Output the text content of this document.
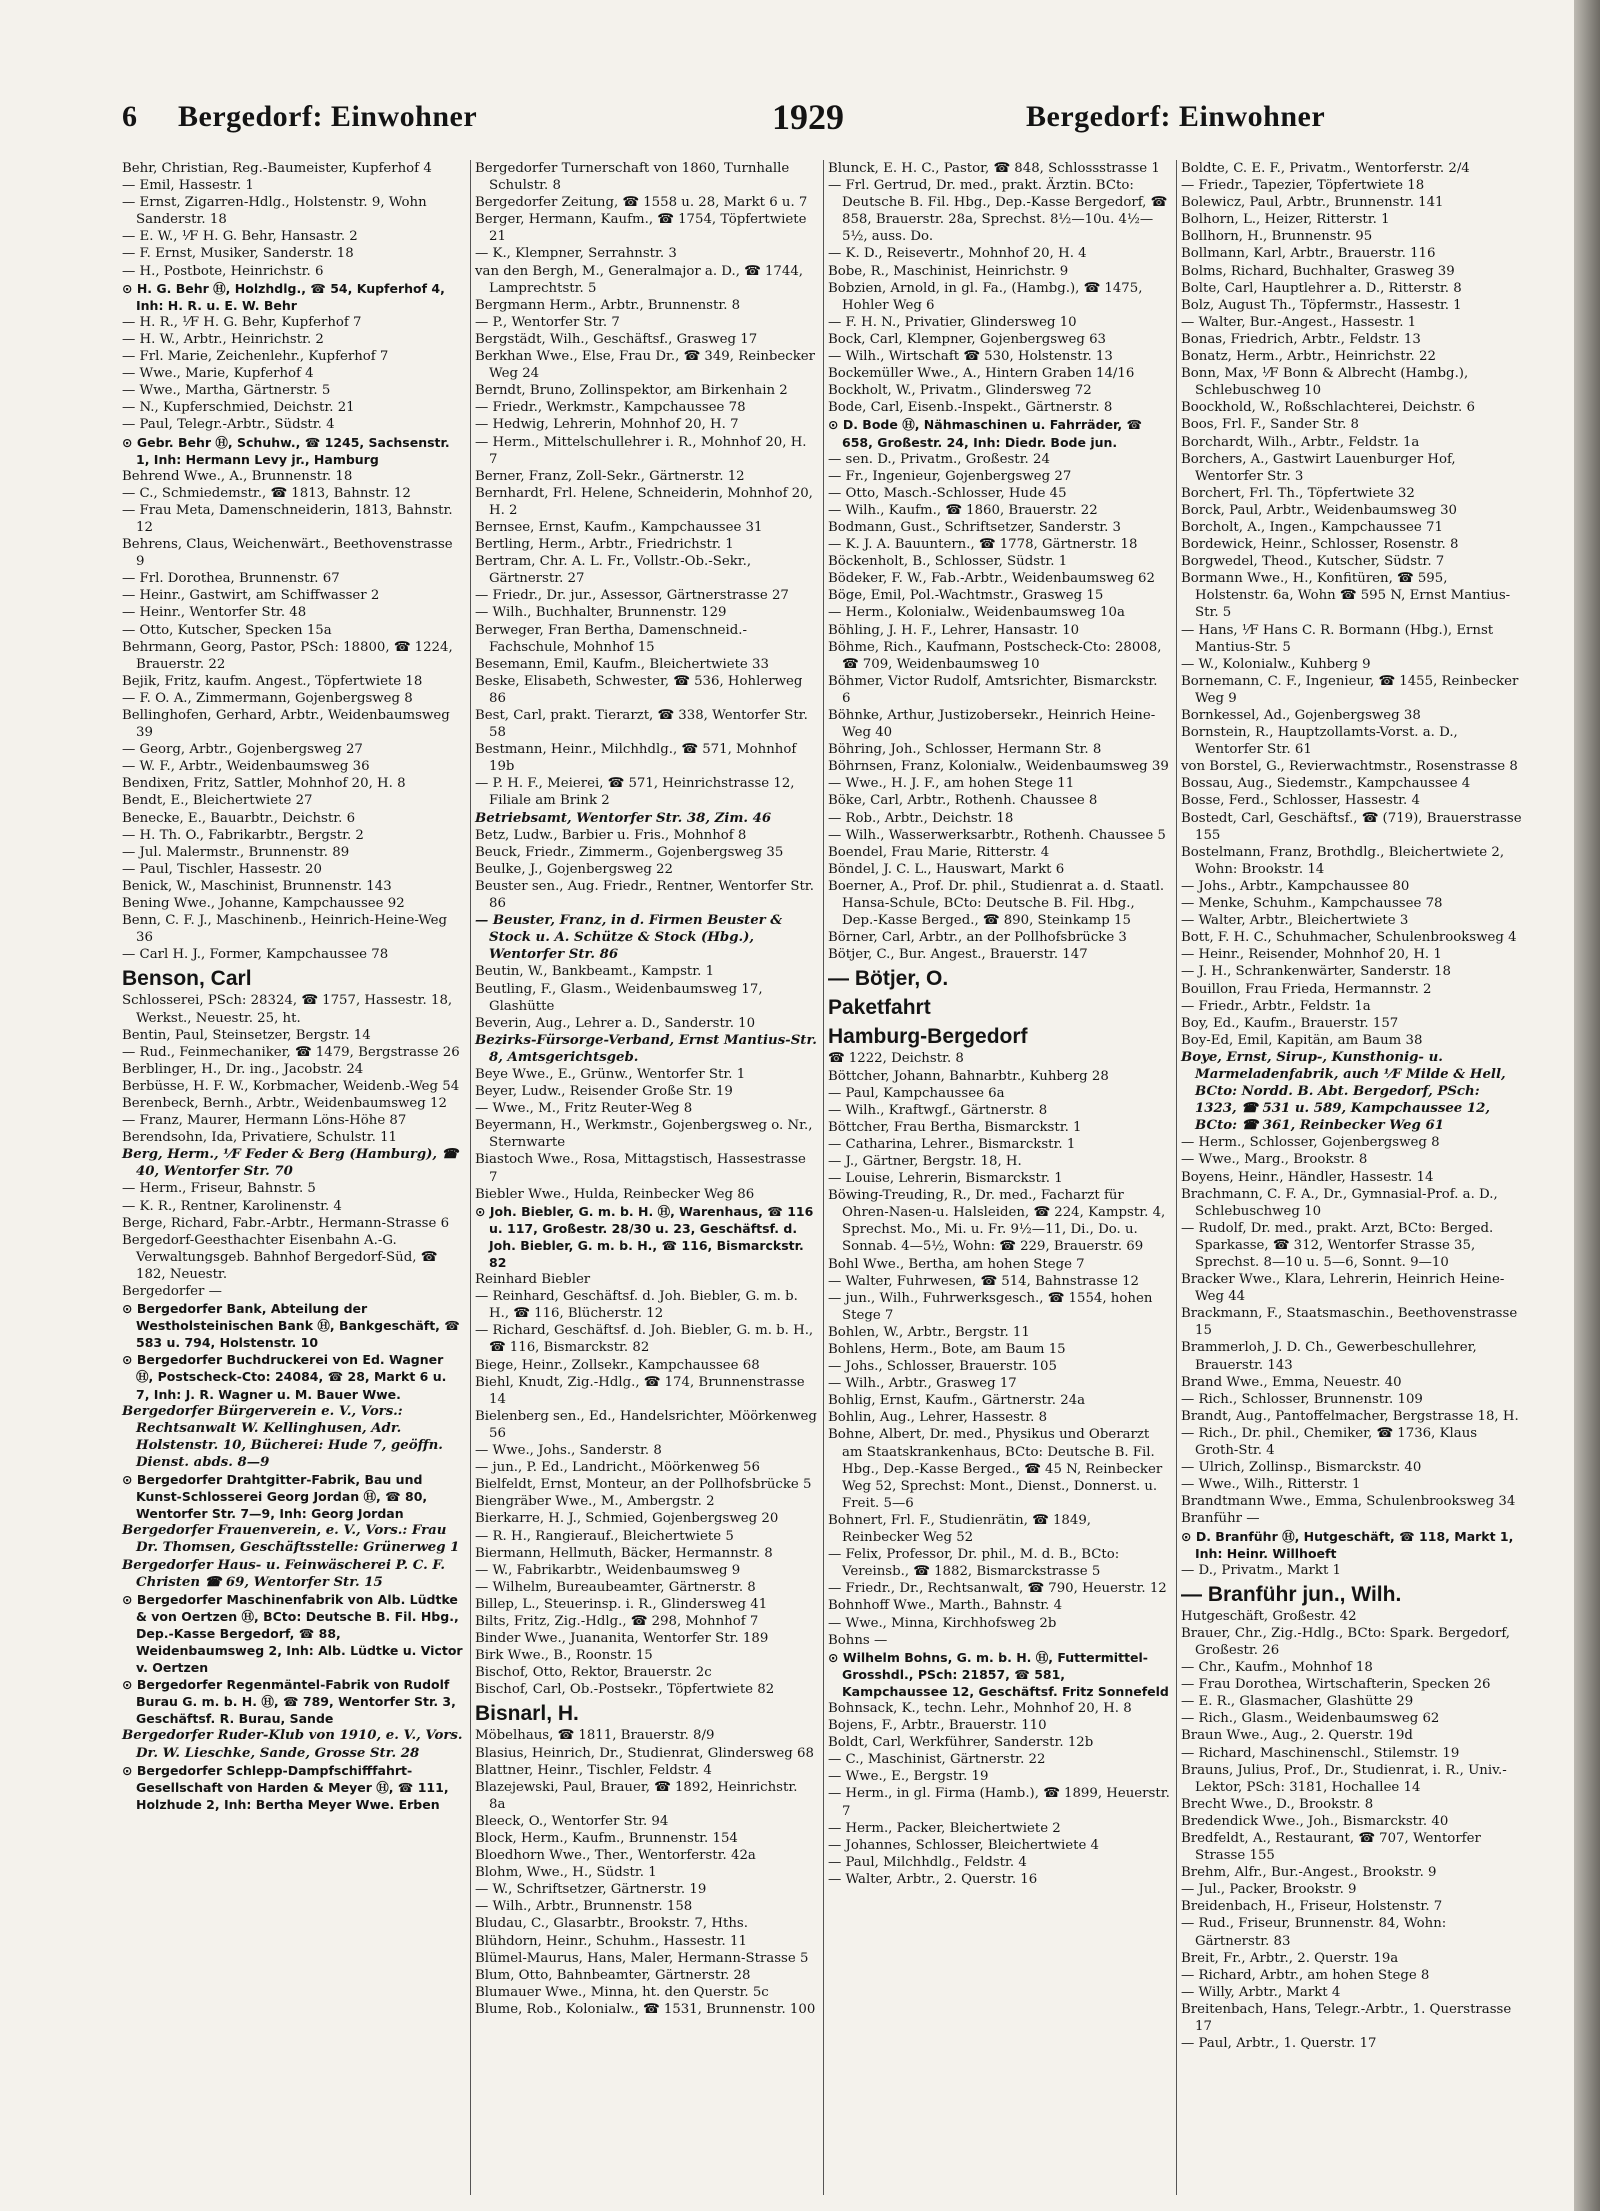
6 Bergedorf: Einwohner	1929	Bergedorf: Einwohner

Behr, Christian, Reg.-Baumeister, Kupferhof 4

— Emil, Hassestr. 1

— Ernst, Zigarren-Hdlg., Holstenstr. 9, Wohn Sanderstr. 18

— E. W., ⅟F H. G. Behr, Hansastr. 2

— F. Ernst, Musiker, Sanderstr. 18

— H., Postbote, Heinrichstr. 6

⊙ H. G. Behr Ⓗ, Holzhdlg., ☎ 54, Kupferhof 4, Inh: H. R. u. E. W. Behr

— H. R., ⅟F H. G. Behr, Kupferhof 7

— H. W., Arbtr., Heinrichstr. 2

— Frl. Marie, Zeichenlehr., Kupferhof 7

— Wwe., Marie, Kupferhof 4

— Wwe., Martha, Gärtnerstr. 5

— N., Kupferschmied, Deichstr. 21

— Paul, Telegr.-Arbtr., Südstr. 4

⊙ Gebr. Behr Ⓗ, Schuhw., ☎ 1245, Sachsenstr. 1, Inh: Hermann Levy jr., Hamburg

Behrend Wwe., A., Brunnenstr. 18

— C., Schmiedemstr., ☎ 1813, Bahnstr. 12

— Frau Meta, Damenschneiderin, 1813, Bahnstr. 12

Behrens, Claus, Weichenwärt., Beethovenstrasse 9

— Frl. Dorothea, Brunnenstr. 67

— Heinr., Gastwirt, am Schiffwasser 2

— Heinr., Wentorfer Str. 48

— Otto, Kutscher, Specken 15a

Behrmann, Georg, Pastor, PSch: 18800, ☎ 1224, Brauerstr. 22

Bejik, Fritz, kaufm. Angest., Töpfertwiete 18

— F. O. A., Zimmermann, Gojenbergsweg 8

Bellinghofen, Gerhard, Arbtr., Weidenbaumsweg 39

— Georg, Arbtr., Gojenbergsweg 27

— W. F., Arbtr., Weidenbaumsweg 36

Bendixen, Fritz, Sattler, Mohnhof 20, H. 8

Bendt, E., Bleichertwiete 27

Benecke, E., Bauarbtr., Deichstr. 6

— H. Th. O., Fabrikarbtr., Bergstr. 2

— Jul. Malermstr., Brunnenstr. 89

— Paul, Tischler, Hassestr. 20

Benick, W., Maschinist, Brunnenstr. 143

Bening Wwe., Johanne, Kampchaussee 92

Benn, C. F. J., Maschinenb., Heinrich-Heine-Weg 36

— Carl H. J., Former, Kampchaussee 78

Benson, Carl

Schlosserei, PSch: 28324, ☎ 1757, Hassestr. 18, Werkst., Neuestr. 25, ht.

Bentin, Paul, Steinsetzer, Bergstr. 14

— Rud., Feinmechaniker, ☎ 1479, Bergstrasse 26

Berblinger, H., Dr. ing., Jacobstr. 24

Berbüsse, H. F. W., Korbmacher, Weidenb.-Weg 54

Berenbeck, Bernh., Arbtr., Weidenbaumsweg 12

— Franz, Maurer, Hermann Löns-Höhe 87

Berendsohn, Ida, Privatiere, Schulstr. 11

Berg, Herm., ⅟F Feder & Berg (Hamburg), ☎ 40, Wentorfer Str. 70

— Herm., Friseur, Bahnstr. 5

— K. R., Rentner, Karolinenstr. 4

Berge, Richard, Fabr.-Arbtr., Hermann-Strasse 6

Bergedorf-Geesthachter Eisenbahn A.-G. Verwaltungsgeb. Bahnhof Bergedorf-Süd, ☎ 182, Neuestr.

Bergedorfer —

⊙ Bergedorfer Bank, Abteilung der Westholsteinischen Bank Ⓗ, Bankgeschäft, ☎ 583 u. 794, Holstenstr. 10

⊙ Bergedorfer Buchdruckerei von Ed. Wagner Ⓗ, Postscheck-Cto: 24084, ☎ 28, Markt 6 u. 7, Inh: J. R. Wagner u. M. Bauer Wwe.

Bergedorfer Bürgerverein e. V., Vors.: Rechtsanwalt W. Kellinghusen, Adr. Holstenstr. 10, Bücherei: Hude 7, geöffn. Dienst. abds. 8—9

⊙ Bergedorfer Drahtgitter-Fabrik, Bau und Kunst-Schlosserei Georg Jordan Ⓗ, ☎ 80, Wentorfer Str. 7—9, Inh: Georg Jordan

Bergedorfer Frauenverein, e. V., Vors.: Frau Dr. Thomsen, Geschäftsstelle: Grünerweg 1

Bergedorfer Haus- u. Feinwäscherei P. C. F. Christen ☎ 69, Wentorfer Str. 15

⊙ Bergedorfer Maschinenfabrik von Alb. Lüdtke & von Oertzen Ⓗ, BCto: Deutsche B. Fil. Hbg., Dep.-Kasse Bergedorf, ☎ 88, Weidenbaumsweg 2, Inh: Alb. Lüdtke u. Victor v. Oertzen

⊙ Bergedorfer Regenmäntel-Fabrik von Rudolf Burau G. m. b. H. Ⓗ, ☎ 789, Wentorfer Str. 3, Geschäftsf. R. Burau, Sande

Bergedorfer Ruder-Klub von 1910, e. V., Vors. Dr. W. Lieschke, Sande, Grosse Str. 28

⊙ Bergedorfer Schlepp-Dampfschifffahrt-Gesellschaft von Harden & Meyer Ⓗ, ☎ 111, Holzhude 2, Inh: Bertha Meyer Wwe. Erben

Bergedorfer Turnerschaft von 1860, Turnhalle Schulstr. 8

Bergedorfer Zeitung, ☎ 1558 u. 28, Markt 6 u. 7

Berger, Hermann, Kaufm., ☎ 1754, Töpfertwiete 21

— K., Klempner, Serrahnstr. 3

van den Bergh, M., Generalmajor a. D., ☎ 1744, Lamprechtstr. 5

Bergmann Herm., Arbtr., Brunnenstr. 8

— P., Wentorfer Str. 7

Bergstädt, Wilh., Geschäftsf., Grasweg 17

Berkhan Wwe., Else, Frau Dr., ☎ 349, Reinbecker Weg 24

Berndt, Bruno, Zollinspektor, am Birkenhain 2

— Friedr., Werkmstr., Kampchaussee 78

— Hedwig, Lehrerin, Mohnhof 20, H. 7

— Herm., Mittelschullehrer i. R., Mohnhof 20, H. 7

Berner, Franz, Zoll-Sekr., Gärtnerstr. 12

Bernhardt, Frl. Helene, Schneiderin, Mohnhof 20, H. 2

Bernsee, Ernst, Kaufm., Kampchaussee 31

Bertling, Herm., Arbtr., Friedrichstr. 1

Bertram, Chr. A. L. Fr., Vollstr.-Ob.-Sekr., Gärtnerstr. 27

— Friedr., Dr. jur., Assessor, Gärtnerstrasse 27

— Wilh., Buchhalter, Brunnenstr. 129

Berweger, Fran Bertha, Damenschneid.-Fachschule, Mohnhof 15

Besemann, Emil, Kaufm., Bleichertwiete 33

Beske, Elisabeth, Schwester, ☎ 536, Hohlerweg 86

Best, Carl, prakt. Tierarzt, ☎ 338, Wentorfer Str. 58

Bestmann, Heinr., Milchhdlg., ☎ 571, Mohnhof 19b

— P. H. F., Meierei, ☎ 571, Heinrichstrasse 12, Filiale am Brink 2

Betriebsamt, Wentorfer Str. 38, Zim. 46

Betz, Ludw., Barbier u. Fris., Mohnhof 8

Beuck, Friedr., Zimmerm., Gojenbergsweg 35

Beulke, J., Gojenbergsweg 22

Beuster sen., Aug. Friedr., Rentner, Wentorfer Str. 86

— Beuster, Franz, in d. Firmen Beuster & Stock u. A. Schütze & Stock (Hbg.), Wentorfer Str. 86

Beutin, W., Bankbeamt., Kampstr. 1

Beutling, F., Glasm., Weidenbaumsweg 17, Glashütte

Beverin, Aug., Lehrer a. D., Sanderstr. 10

Bezirks-Fürsorge-Verband, Ernst Mantius-Str. 8, Amtsgerichtsgeb.

Beye Wwe., E., Grünw., Wentorfer Str. 1

Beyer, Ludw., Reisender Große Str. 19

— Wwe., M., Fritz Reuter-Weg 8

Beyermann, H., Werkmstr., Gojenbergsweg o. Nr., Sternwarte

Biastoch Wwe., Rosa, Mittagstisch, Hassestrasse 7

Biebler Wwe., Hulda, Reinbecker Weg 86

⊙ Joh. Biebler, G. m. b. H. Ⓗ, Warenhaus, ☎ 116 u. 117, Großestr. 28/30 u. 23, Geschäftsf. d. Joh. Biebler, G. m. b. H., ☎ 116, Bismarckstr. 82

Reinhard Biebler

— Reinhard, Geschäftsf. d. Joh. Biebler, G. m. b. H., ☎ 116, Blücherstr. 12

— Richard, Geschäftsf. d. Joh. Biebler, G. m. b. H., ☎ 116, Bismarckstr. 82

Biege, Heinr., Zollsekr., Kampchaussee 68

Biehl, Knudt, Zig.-Hdlg., ☎ 174, Brunnenstrasse 14

Bielenberg sen., Ed., Handelsrichter, Möörkenweg 56

— Wwe., Johs., Sanderstr. 8

— jun., P. Ed., Landricht., Möörkenweg 56

Bielfeldt, Ernst, Monteur, an der Pollhofsbrücke 5

Biengräber Wwe., M., Ambergstr. 2

Bierkarre, H. J., Schmied, Gojenbergsweg 20

— R. H., Rangierauf., Bleichertwiete 5

Biermann, Hellmuth, Bäcker, Hermannstr. 8

— W., Fabrikarbtr., Weidenbaumsweg 9

— Wilhelm, Bureaubeamter, Gärtnerstr. 8

Billep, L., Steuerinsp. i. R., Glindersweg 41

Bilts, Fritz, Zig.-Hdlg., ☎ 298, Mohnhof 7

Binder Wwe., Juananita, Wentorfer Str. 189

Birk Wwe., B., Roonstr. 15

Bischof, Otto, Rektor, Brauerstr. 2c

Bischof, Carl, Ob.-Postsekr., Töpfertwiete 82

Bisnarl, H.

Möbelhaus, ☎ 1811, Brauerstr. 8/9

Blasius, Heinrich, Dr., Studienrat, Glindersweg 68

Blattner, Heinr., Tischler, Feldstr. 4

Blazejewski, Paul, Brauer, ☎ 1892, Heinrichstr. 8a

Bleeck, O., Wentorfer Str. 94

Block, Herm., Kaufm., Brunnenstr. 154

Bloedhorn Wwe., Ther., Wentorferstr. 42a

Blohm, Wwe., H., Südstr. 1

— W., Schriftsetzer, Gärtnerstr. 19

— Wilh., Arbtr., Brunnenstr. 158

Bludau, C., Glasarbtr., Brookstr. 7, Hths.

Blühdorn, Heinr., Schuhm., Hassestr. 11

Blümel-Maurus, Hans, Maler, Hermann-Strasse 5

Blum, Otto, Bahnbeamter, Gärtnerstr. 28

Blumauer Wwe., Minna, ht. den Querstr. 5c

Blume, Rob., Kolonialw., ☎ 1531, Brunnenstr. 100

Blunck, E. H. C., Pastor, ☎ 848, Schlossstrasse 1

— Frl. Gertrud, Dr. med., prakt. Ärztin. BCto: Deutsche B. Fil. Hbg., Dep.-Kasse Bergedorf, ☎ 858, Brauerstr. 28a, Sprechst. 8½—10u. 4½—5½, auss. Do.

— K. D., Reisevertr., Mohnhof 20, H. 4

Bobe, R., Maschinist, Heinrichstr. 9

Bobzien, Arnold, in gl. Fa., (Hambg.), ☎ 1475, Hohler Weg 6

— F. H. N., Privatier, Glindersweg 10

Bock, Carl, Klempner, Gojenbergsweg 63

— Wilh., Wirtschaft ☎ 530, Holstenstr. 13

Bockemüller Wwe., A., Hintern Graben 14/16

Bockholt, W., Privatm., Glindersweg 72

Bode, Carl, Eisenb.-Inspekt., Gärtnerstr. 8

⊙ D. Bode Ⓗ, Nähmaschinen u. Fahrräder, ☎ 658, Großestr. 24, Inh: Diedr. Bode jun.

— sen. D., Privatm., Großestr. 24

— Fr., Ingenieur, Gojenbergsweg 27

— Otto, Masch.-Schlosser, Hude 45

— Wilh., Kaufm., ☎ 1860, Brauerstr. 22

Bodmann, Gust., Schriftsetzer, Sanderstr. 3

— K. J. A. Bauuntern., ☎ 1778, Gärtnerstr. 18

Böckenholt, B., Schlosser, Südstr. 1

Bödeker, F. W., Fab.-Arbtr., Weidenbaumsweg 62

Böge, Emil, Pol.-Wachtmstr., Grasweg 15

— Herm., Kolonialw., Weidenbaumsweg 10a

Böhling, J. H. F., Lehrer, Hansastr. 10

Böhme, Rich., Kaufmann, Postscheck-Cto: 28008, ☎ 709, Weidenbaumsweg 10

Böhmer, Victor Rudolf, Amtsrichter, Bismarckstr. 6

Böhnke, Arthur, Justizobersekr., Heinrich Heine-Weg 40

Böhring, Joh., Schlosser, Hermann Str. 8

Böhrnsen, Franz, Kolonialw., Weidenbaumsweg 39

— Wwe., H. J. F., am hohen Stege 11

Böke, Carl, Arbtr., Rothenh. Chaussee 8

— Rob., Arbtr., Deichstr. 18

— Wilh., Wasserwerksarbtr., Rothenh. Chaussee 5

Boendel, Frau Marie, Ritterstr. 4

Böndel, J. C. L., Hauswart, Markt 6

Boerner, A., Prof. Dr. phil., Studienrat a. d. Staatl. Hansa-Schule, BCto: Deutsche B. Fil. Hbg., Dep.-Kasse Berged., ☎ 890, Steinkamp 15

Börner, Carl, Arbtr., an der Pollhofsbrücke 3

Bötjer, C., Bur. Angest., Brauerstr. 147

— Bötjer, O.

Paketfahrt

Hamburg-Bergedorf

☎ 1222, Deichstr. 8

Böttcher, Johann, Bahnarbtr., Kuhberg 28

— Paul, Kampchaussee 6a

— Wilh., Kraftwgf., Gärtnerstr. 8

Böttcher, Frau Bertha, Bismarckstr. 1

— Catharina, Lehrer., Bismarckstr. 1

— J., Gärtner, Bergstr. 18, H.

— Louise, Lehrerin, Bismarckstr. 1

Böwing-Treuding, R., Dr. med., Facharzt für Ohren-Nasen-u. Halsleiden, ☎ 224, Kampstr. 4, Sprechst. Mo., Mi. u. Fr. 9½—11, Di., Do. u. Sonnab. 4—5½, Wohn: ☎ 229, Brauerstr. 69

Bohl Wwe., Bertha, am hohen Stege 7

— Walter, Fuhrwesen, ☎ 514, Bahnstrasse 12

— jun., Wilh., Fuhrwerksgesch., ☎ 1554, hohen Stege 7

Bohlen, W., Arbtr., Bergstr. 11

Bohlens, Herm., Bote, am Baum 15

— Johs., Schlosser, Brauerstr. 105

— Wilh., Arbtr., Grasweg 17

Bohlig, Ernst, Kaufm., Gärtnerstr. 24a

Bohlin, Aug., Lehrer, Hassestr. 8

Bohne, Albert, Dr. med., Physikus und Oberarzt am Staatskrankenhaus, BCto: Deutsche B. Fil. Hbg., Dep.-Kasse Berged., ☎ 45 N, Reinbecker Weg 52, Sprechst: Mont., Dienst., Donnerst. u. Freit. 5—6

Bohnert, Frl. F., Studienrätin, ☎ 1849, Reinbecker Weg 52

— Felix, Professor, Dr. phil., M. d. B., BCto: Vereinsb., ☎ 1882, Bismarckstrasse 5

— Friedr., Dr., Rechtsanwalt, ☎ 790, Heuerstr. 12

Bohnhoff Wwe., Marth., Bahnstr. 4

— Wwe., Minna, Kirchhofsweg 2b

Bohns —

⊙ Wilhelm Bohns, G. m. b. H. Ⓗ, Futtermittel-Grosshdl., PSch: 21857, ☎ 581, Kampchaussee 12, Geschäftsf. Fritz Sonnefeld

Bohnsack, K., techn. Lehr., Mohnhof 20, H. 8

Bojens, F., Arbtr., Brauerstr. 110

Boldt, Carl, Werkführer, Sanderstr. 12b

— C., Maschinist, Gärtnerstr. 22

— Wwe., E., Bergstr. 19

— Herm., in gl. Firma (Hamb.), ☎ 1899, Heuerstr. 7

— Herm., Packer, Bleichertwiete 2

— Johannes, Schlosser, Bleichertwiete 4

— Paul, Milchhdlg., Feldstr. 4

— Walter, Arbtr., 2. Querstr. 16

Boldte, C. E. F., Privatm., Wentorferstr. 2/4

— Friedr., Tapezier, Töpfertwiete 18

Bolewicz, Paul, Arbtr., Brunnenstr. 141

Bolhorn, L., Heizer, Ritterstr. 1

Bollhorn, H., Brunnenstr. 95

Bollmann, Karl, Arbtr., Brauerstr. 116

Bolms, Richard, Buchhalter, Grasweg 39

Bolte, Carl, Hauptlehrer a. D., Ritterstr. 8

Bolz, August Th., Töpfermstr., Hassestr. 1

— Walter, Bur.-Angest., Hassestr. 1

Bonas, Friedrich, Arbtr., Feldstr. 13

Bonatz, Herm., Arbtr., Heinrichstr. 22

Bonn, Max, ⅟F Bonn & Albrecht (Hambg.), Schlebuschweg 10

Boockhold, W., Roßschlachterei, Deichstr. 6

Boos, Frl. F., Sander Str. 8

Borchardt, Wilh., Arbtr., Feldstr. 1a

Borchers, A., Gastwirt Lauenburger Hof, Wentorfer Str. 3

Borchert, Frl. Th., Töpfertwiete 32

Borck, Paul, Arbtr., Weidenbaumsweg 30

Borcholt, A., Ingen., Kampchaussee 71

Bordewick, Heinr., Schlosser, Rosenstr. 8

Borgwedel, Theod., Kutscher, Südstr. 7

Bormann Wwe., H., Konfitüren, ☎ 595, Holstenstr. 6a, Wohn ☎ 595 N, Ernst Mantius-Str. 5

— Hans, ⅟F Hans C. R. Bormann (Hbg.), Ernst Mantius-Str. 5

— W., Kolonialw., Kuhberg 9

Bornemann, C. F., Ingenieur, ☎ 1455, Reinbecker Weg 9

Bornkessel, Ad., Gojenbergsweg 38

Bornstein, R., Hauptzollamts-Vorst. a. D., Wentorfer Str. 61

von Borstel, G., Revierwachtmstr., Rosenstrasse 8

Bossau, Aug., Siedemstr., Kampchaussee 4

Bosse, Ferd., Schlosser, Hassestr. 4

Bostedt, Carl, Geschäftsf., ☎ (719), Brauerstrasse 155

Bostelmann, Franz, Brothdlg., Bleichertwiete 2, Wohn: Brookstr. 14

— Johs., Arbtr., Kampchaussee 80

— Menke, Schuhm., Kampchaussee 78

— Walter, Arbtr., Bleichertwiete 3

Bott, F. H. C., Schuhmacher, Schulenbrooksweg 4

— Heinr., Reisender, Mohnhof 20, H. 1

— J. H., Schrankenwärter, Sanderstr. 18

Bouillon, Frau Frieda, Hermannstr. 2

— Friedr., Arbtr., Feldstr. 1a

Boy, Ed., Kaufm., Brauerstr. 157

Boy-Ed, Emil, Kapitän, am Baum 38

Boye, Ernst, Sirup-, Kunsthonig- u. Marmeladenfabrik, auch ⅟F Milde & Hell, BCto: Nordd. B. Abt. Bergedorf, PSch: 1323, ☎ 531 u. 589, Kampchaussee 12, BCto: ☎ 361, Reinbecker Weg 61

— Herm., Schlosser, Gojenbergsweg 8

— Wwe., Marg., Brookstr. 8

Boyens, Heinr., Händler, Hassestr. 14

Brachmann, C. F. A., Dr., Gymnasial-Prof. a. D., Schlebuschweg 10

— Rudolf, Dr. med., prakt. Arzt, BCto: Berged. Sparkasse, ☎ 312, Wentorfer Strasse 35, Sprechst. 8—10 u. 5—6, Sonnt. 9—10

Bracker Wwe., Klara, Lehrerin, Heinrich Heine-Weg 44

Brackmann, F., Staatsmaschin., Beethovenstrasse 15

Brammerloh, J. D. Ch., Gewerbeschullehrer, Brauerstr. 143

Brand Wwe., Emma, Neuestr. 40

— Rich., Schlosser, Brunnenstr. 109

Brandt, Aug., Pantoffelmacher, Bergstrasse 18, H.

— Rich., Dr. phil., Chemiker, ☎ 1736, Klaus Groth-Str. 4

— Ulrich, Zollinsp., Bismarckstr. 40

— Wwe., Wilh., Ritterstr. 1

Brandtmann Wwe., Emma, Schulenbrooksweg 34

Branführ —

⊙ D. Branführ Ⓗ, Hutgeschäft, ☎ 118, Markt 1, Inh: Heinr. Willhoeft

— D., Privatm., Markt 1

— Branführ jun., Wilh.

Hutgeschäft, Großestr. 42

Brauer, Chr., Zig.-Hdlg., BCto: Spark. Bergedorf, Großestr. 26

— Chr., Kaufm., Mohnhof 18

— Frau Dorothea, Wirtschafterin, Specken 26

— E. R., Glasmacher, Glashütte 29

— Rich., Glasm., Weidenbaumsweg 62

Braun Wwe., Aug., 2. Querstr. 19d

— Richard, Maschinenschl., Stilemstr. 19

Brauns, Julius, Prof., Dr., Studienrat, i. R., Univ.-Lektor, PSch: 3181, Hochallee 14

Brecht Wwe., D., Brookstr. 8

Bredendick Wwe., Joh., Bismarckstr. 40

Bredfeldt, A., Restaurant, ☎ 707, Wentorfer Strasse 155

Brehm, Alfr., Bur.-Angest., Brookstr. 9

— Jul., Packer, Brookstr. 9

Breidenbach, H., Friseur, Holstenstr. 7

— Rud., Friseur, Brunnenstr. 84, Wohn: Gärtnerstr. 83

Breit, Fr., Arbtr., 2. Querstr. 19a

— Richard, Arbtr., am hohen Stege 8

— Willy, Arbtr., Markt 4

Breitenbach, Hans, Telegr.-Arbtr., 1. Querstrasse 17

— Paul, Arbtr., 1. Querstr. 17
